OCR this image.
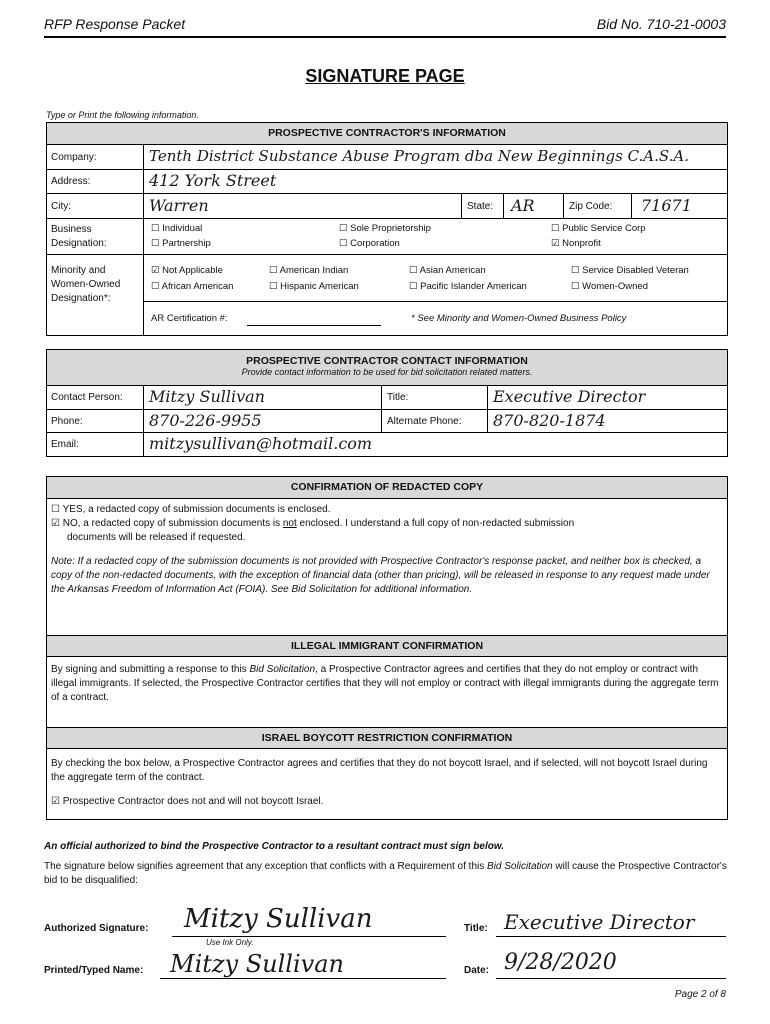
RFP Response Packet	Bid No. 710-21-0003
SIGNATURE PAGE
Type or Print the following information.
PROSPECTIVE CONTRACTOR'S INFORMATION
Company:	Tenth District Substance Abuse Program dba New Beginnings C.A.S.A.
Address:	412 York Street
City:	Warren	State: AR	Zip Code: 71671
Business
Designation:
☐ Individual	☐ Sole Proprietorship	☐ Public Service Corp
☐ Partnership	☐ Corporation	☑ Nonprofit
Minority and
Women-Owned
Designation*:
☑ Not Applicable	☐ American Indian	☐ Asian American	☐ Service Disabled Veteran
☐ African American	☐ Hispanic American	☐ Pacific Islander American	☐ Women-Owned
AR Certification #:	* See Minority and Women-Owned Business Policy
PROSPECTIVE CONTRACTOR CONTACT INFORMATION
Provide contact information to be used for bid solicitation related matters.
Contact Person: Mitzy Sullivan	Title:	Executive Director
Phone:	870-226-9955	Alternate Phone: 870-820-1874
Email:	mitzysullivan@hotmail.com
CONFIRMATION OF REDACTED COPY
☐ YES, a redacted copy of submission documents is enclosed.
☑ NO, a redacted copy of submission documents is not enclosed. I understand a full copy of non-redacted submission
documents will be released if requested.
Note: If a redacted copy of the submission documents is not provided with Prospective Contractor's response packet, and neither box is checked, a copy of the non-redacted documents, with the exception of financial data (other than pricing), will be released in response to any request made under the Arkansas Freedom of Information Act (FOIA). See Bid Solicitation for additional information.
ILLEGAL IMMIGRANT CONFIRMATION
By signing and submitting a response to this Bid Solicitation, a Prospective Contractor agrees and certifies that they do not employ or contract with illegal immigrants. If selected, the Prospective Contractor certifies that they will not employ or contract with illegal immigrants during the aggregate term of a contract.
ISRAEL BOYCOTT RESTRICTION CONFIRMATION
By checking the box below, a Prospective Contractor agrees and certifies that they do not boycott Israel, and if selected, will not boycott Israel during the aggregate term of the contract.
☑ Prospective Contractor does not and will not boycott Israel.
An official authorized to bind the Prospective Contractor to a resultant contract must sign below.
The signature below signifies agreement that any exception that conflicts with a Requirement of this Bid Solicitation will cause the Prospective Contractor's bid to be disqualified:
Authorized Signature: Mitzy Sullivan
Use Ink Only.
Title: Executive Director
Printed/Typed Name: Mitzy Sullivan	Date: 9/28/2020
Page 2 of 8
